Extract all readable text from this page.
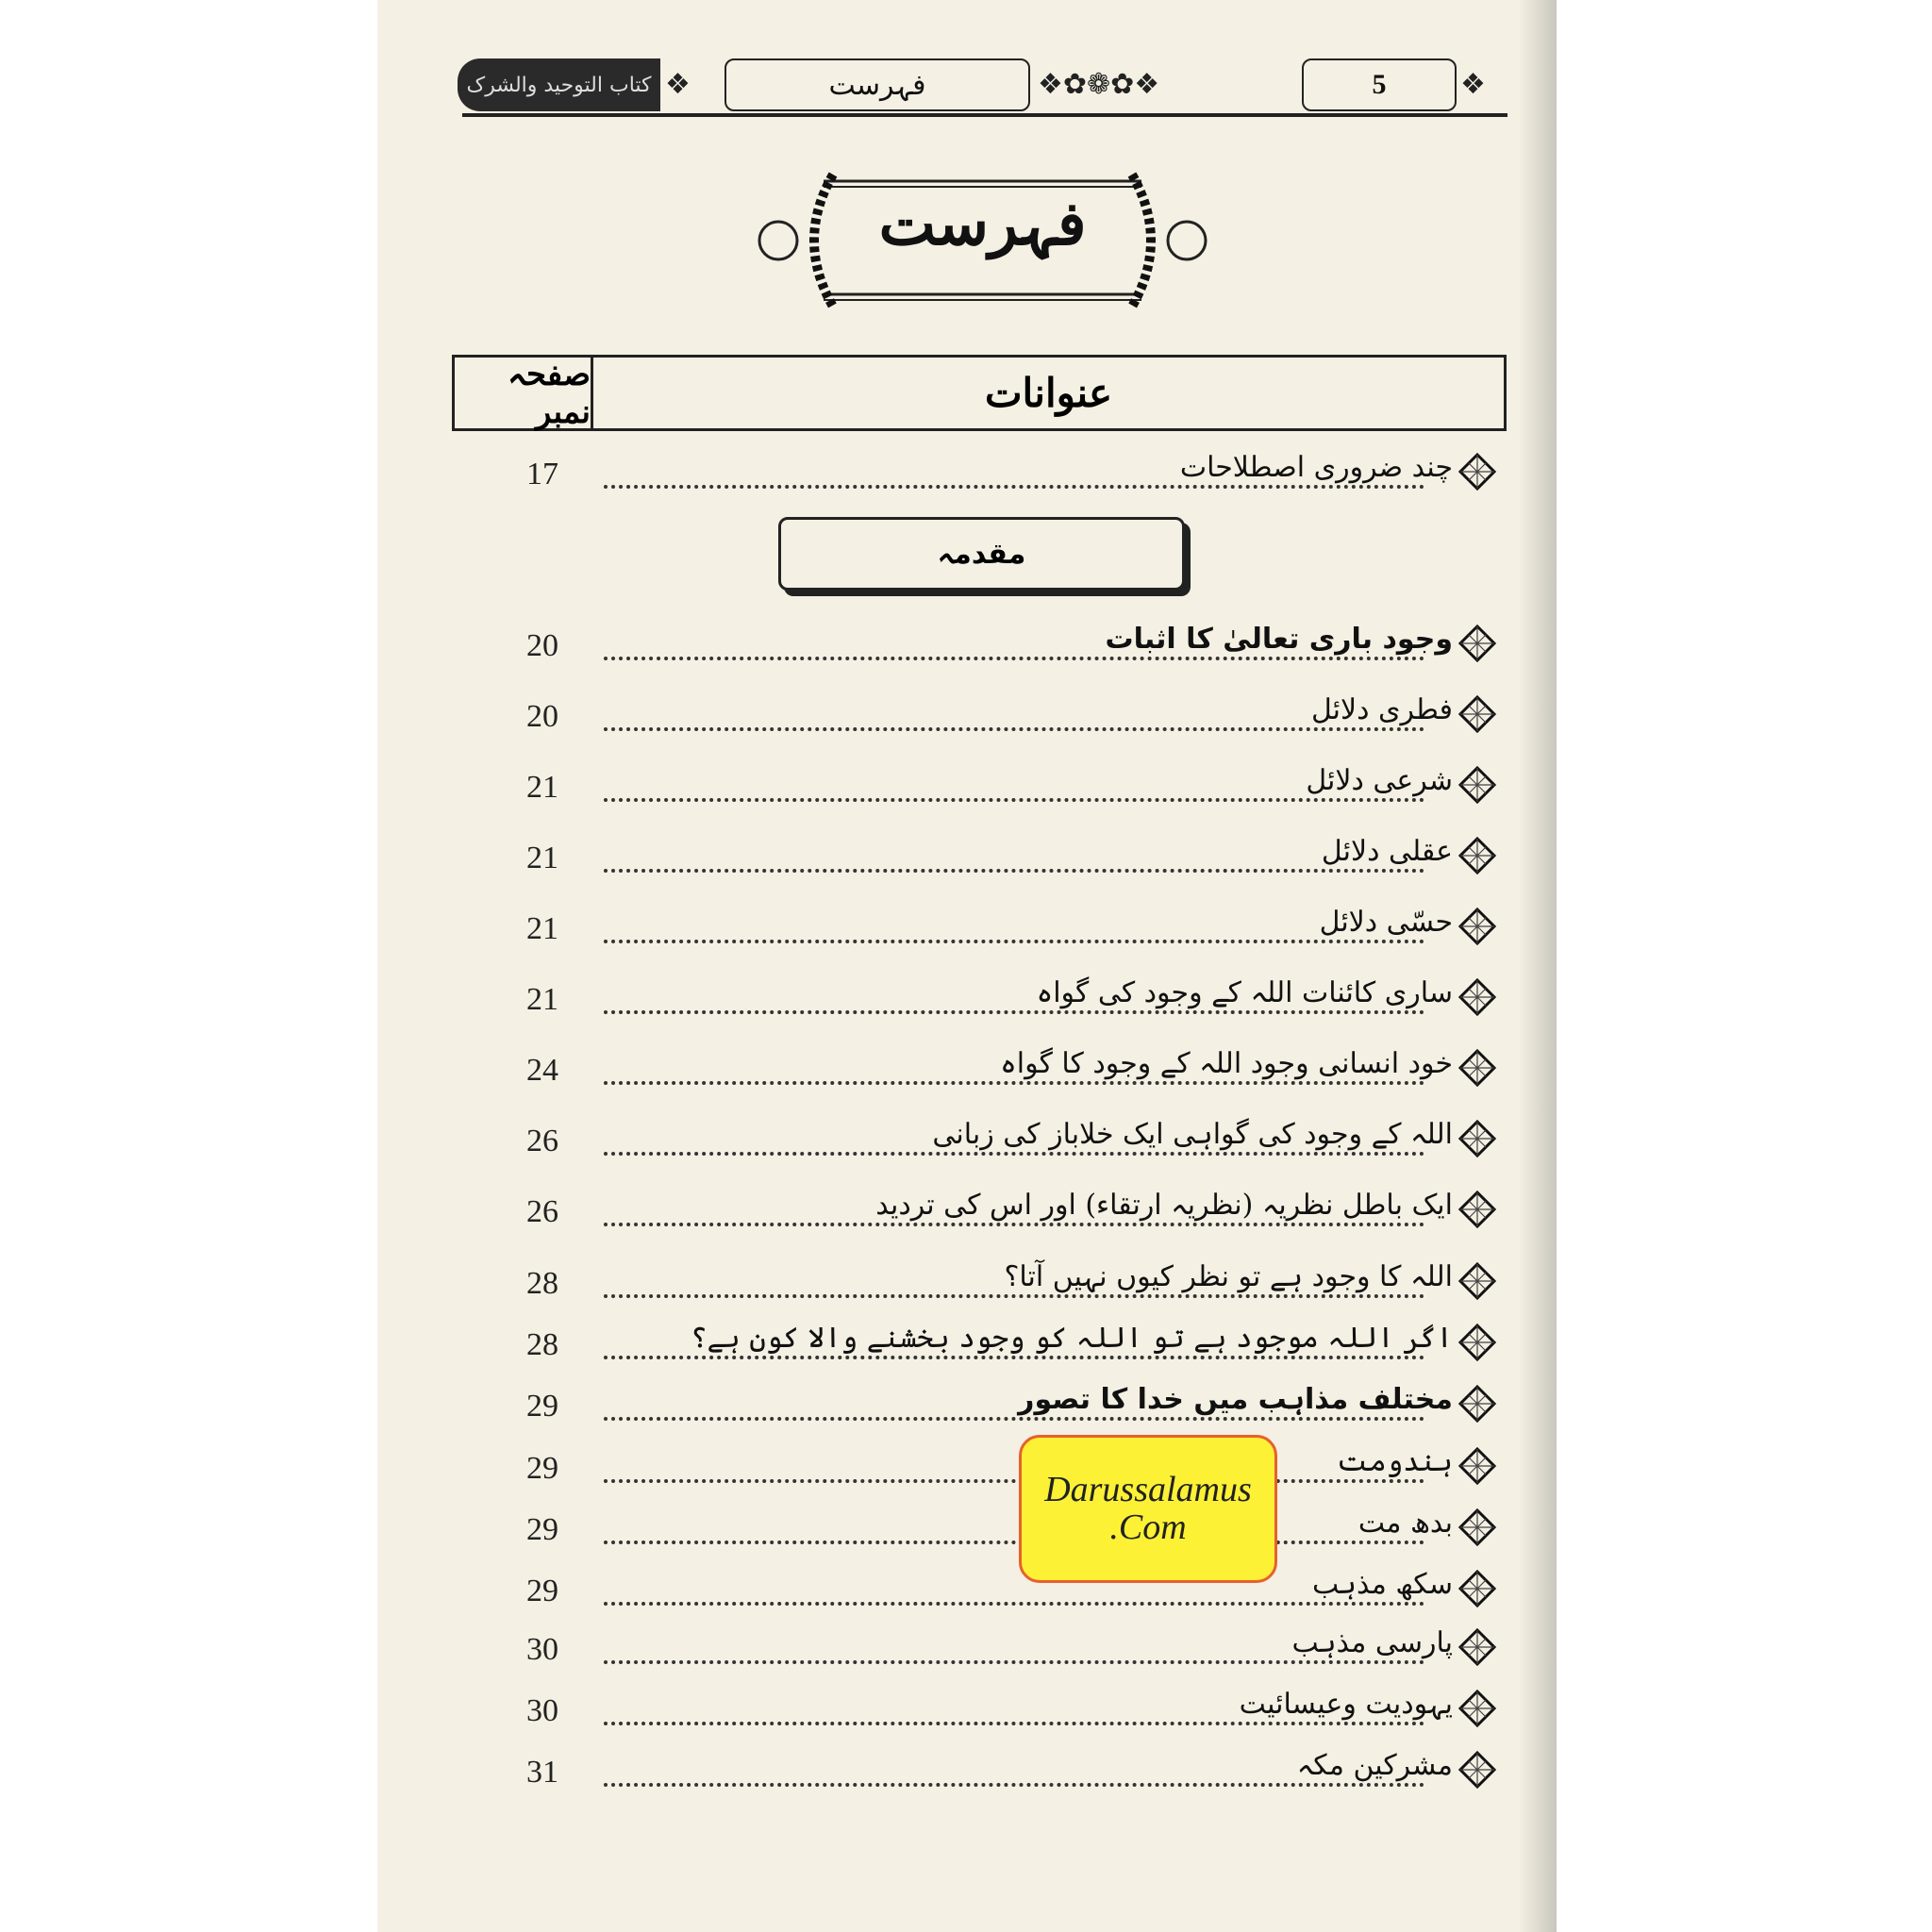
کتاب التوحید والشرک ❖	فہرست	❖✿❁✿❖	5	❖
فہرست
صفحہ نمبر	عنوانات
17	چند ضروری اصطلاحات
مقدمہ
20	وجود باری تعالیٰ کا اثبات
20	فطری دلائل
21	شرعی دلائل
21	عقلی دلائل
21	حسّی دلائل
21	ساری کائنات اللہ کے وجود کی گواہ
24	خود انسانی وجود اللہ کے وجود کا گواہ
26	اللہ کے وجود کی گواہی ایک خلاباز کی زبانی
26	ایک باطل نظریہ (نظریہ ارتقاء) اور اس کی تردید
28	اللہ کا وجود ہے تو نظر کیوں نہیں آتا؟
28	اگر اللہ موجود ہے تو اللہ کو وجود بخشنے والا کون ہے؟
29	مختلف مذاہب میں خدا کا تصور
29	ہندومت
29	بدھ مت
29	سکھ مذہب
30	پارسی مذہب
30	یہودیت وعیسائیت
31	مشرکین مکہ
Darussalamus
.Com
